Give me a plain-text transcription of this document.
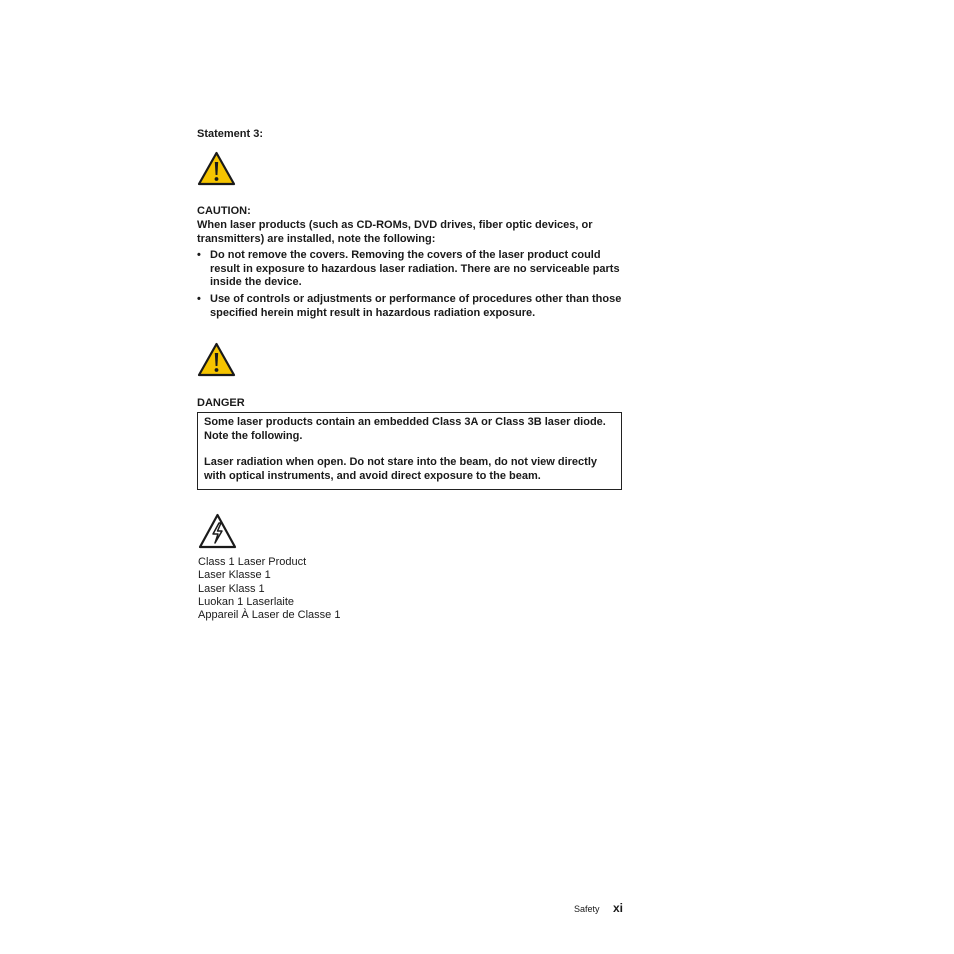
Statement 3:
CAUTION:
When laser products (such as CD-ROMs, DVD drives, fiber optic devices, or transmitters) are installed, note the following:
• Do not remove the covers. Removing the covers of the laser product could result in exposure to hazardous laser radiation. There are no serviceable parts inside the device.
• Use of controls or adjustments or performance of procedures other than those specified herein might result in hazardous radiation exposure.
DANGER

Some laser products contain an embedded Class 3A or Class 3B laser diode. Note the following.

Laser radiation when open. Do not stare into the beam, do not view directly with optical instruments, and avoid direct exposure to the beam.

Class 1 Laser Product
Laser Klasse 1
Laser Klass 1
Luokan 1 Laserlaite
Appareil À Laser de Classe 1
Safety xi
